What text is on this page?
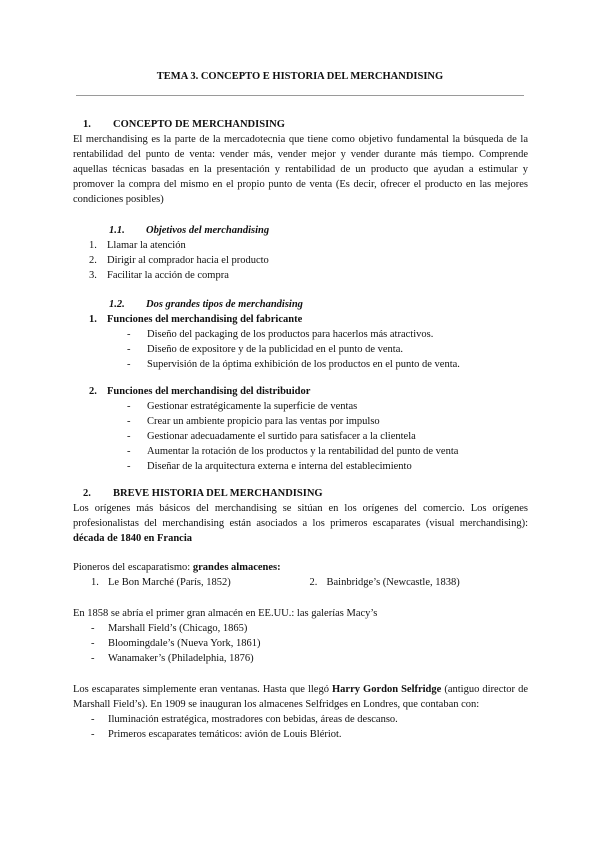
TEMA 3. CONCEPTO E HISTORIA DEL MERCHANDISING
1.	CONCEPTO DE MERCHANDISING

El merchandising es la parte de la mercadotecnia que tiene como objetivo fundamental la búsqueda de la rentabilidad del punto de venta: vender más, vender mejor y vender durante más tiempo. Comprende aquellas técnicas basadas en la presentación y rentabilidad de un producto que ayudan a estimular y promover la compra del mismo en el propio punto de venta (Es decir, ofrecer el producto en las mejores condiciones posibles)

1.1.	Objetivos del merchandising
1. Llamar la atención
2. Dirigir al comprador hacia el producto
3. Facilitar la acción de compra
1.2.	Dos grandes tipos de merchandising
1. Funciones del merchandising del fabricante
-	Diseño del packaging de los productos para hacerlos más atractivos.
-	Diseño de expositore y de la publicidad en el punto de venta.
-	Supervisión de la óptima exhibición de los productos en el punto de venta.
2. Funciones del merchandising del distribuidor
-	Gestionar estratégicamente la superficie de ventas
-	Crear un ambiente propicio para las ventas por impulso
-	Gestionar adecuadamente el surtido para satisfacer a la clientela
-	Aumentar la rotación de los productos y la rentabilidad del punto de venta
-	Diseñar de la arquitectura externa e interna del establecimiento
2.	BREVE HISTORIA DEL MERCHANDISING

Los orígenes más básicos del merchandising se sitúan en los orígenes del comercio. Los orígenes profesionalistas del merchandising están asociados a los primeros escaparates (visual merchandising): década de 1840 en Francia

Pioneros del escaparatismo: grandes almacenes:
1. Le Bon Marché (París, 1852)	2. Bainbridge’s (Newcastle, 1838)
En 1858 se abría el primer gran almacén en EE.UU.: las galerías Macy’s
-	Marshall Field’s (Chicago, 1865)
-	Bloomingdale’s (Nueva York, 1861)
-	Wanamaker’s (Philadelphia, 1876)

Los escaparates simplemente eran ventanas. Hasta que llegó Harry Gordon Selfridge (antiguo director de Marshall Field’s). En 1909 se inauguran los almacenes Selfridges en Londres, que contaban con:

-	Iluminación estratégica, mostradores con bebidas, áreas de descanso.
-	Primeros escaparates temáticos: avión de Louis Blériot.
